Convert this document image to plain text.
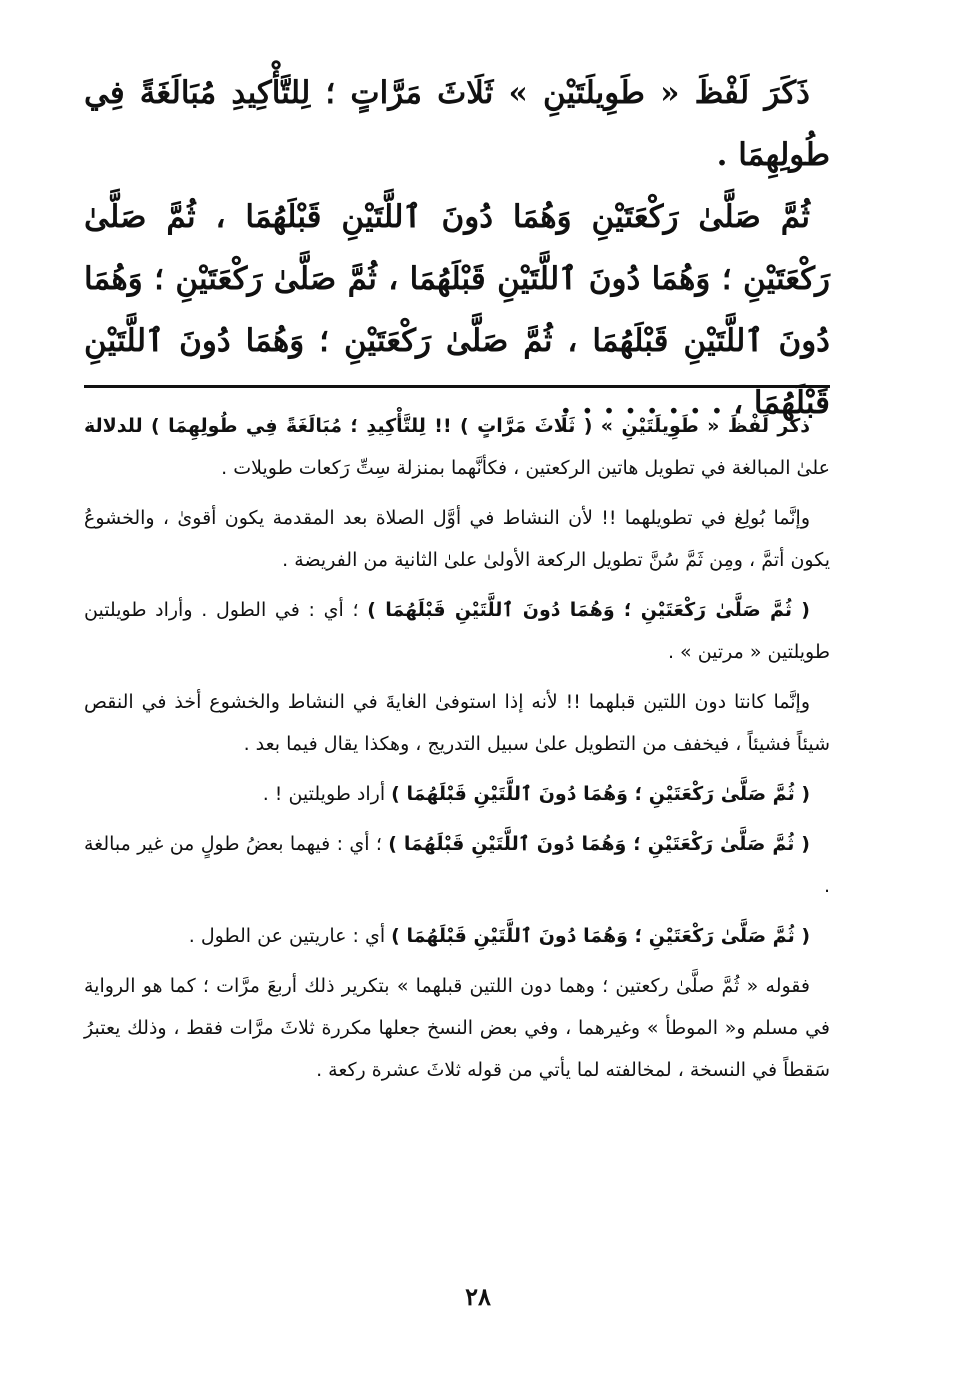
ذَكَرَ لَفْظَ « طَوِيلَتَيْنِ » ثَلَاثَ مَرَّاتٍ ؛ لِلتَّأْكِيدِ مُبَالَغَةً فِي طُولِهِمَا .

ثُمَّ صَلَّىٰ رَكْعَتَيْنِ وَهُمَا دُونَ ٱللَّتَيْنِ قَبْلَهُمَا ، ثُمَّ صَلَّىٰ رَكْعَتَيْنِ ؛ وَهُمَا دُونَ ٱللَّتَيْنِ قَبْلَهُمَا ، ثُمَّ صَلَّىٰ رَكْعَتَيْنِ ؛ وَهُمَا دُونَ ٱللَّتَيْنِ قَبْلَهُمَا ، ثُمَّ صَلَّىٰ رَكْعَتَيْنِ ؛ وَهُمَا دُونَ ٱللَّتَيْنِ قَبْلَهُمَا ، . . . . . . . .

ذكر لَفْظَ « طَوِيلَتَيْنِ » ( ثَلَاثَ مَرَّاتٍ ) !! لِلتَّأْكِيدِ ؛ مُبَالَغَةً فِي طُولِهِمَا ) للدلالة علىٰ المبالغة في تطويل هاتين الركعتين ، فكأنَّهما بمنزلة سِتِّ رَكعات طويلات .

وإنَّما بُولِغ في تطويلهما !! لأن النشاط في أوَّل الصلاة بعد المقدمة يكون أقوىٰ ، والخشوعُ يكون أتمَّ ، ومِن ثَمَّ سُنَّ تطويل الركعة الأولىٰ علىٰ الثانية من الفريضة .

( ثُمَّ صَلَّىٰ رَكْعَتَيْنِ ؛ وَهُمَا دُونَ ٱللَّتَيْنِ قَبْلَهُمَا ) ؛ أي : في الطول . وأراد طويلتين طويلتين « مرتين » .

وإنَّما كانتا دون اللتين قبلهما !! لأنه إذا استوفىٰ الغايةَ في النشاط والخشوع أخذ في النقص شيئاً فشيئاً ، فيخفف من التطويل علىٰ سبيل التدريج ، وهكذا يقال فيما بعد .

( ثُمَّ صَلَّىٰ رَكْعَتَيْنِ ؛ وَهُمَا دُونَ ٱللَّتَيْنِ قَبْلَهُمَا ) أراد طويلتين ! .

( ثُمَّ صَلَّىٰ رَكْعَتَيْنِ ؛ وَهُمَا دُونَ ٱللَّتَيْنِ قَبْلَهُمَا ) ؛ أي : فيهما بعضُ طولٍ من غير مبالغة .

( ثُمَّ صَلَّىٰ رَكْعَتَيْنِ ؛ وَهُمَا دُونَ ٱللَّتَيْنِ قَبْلَهُمَا ) أي : عاريتين عن الطول .

فقوله « ثُمَّ صلَّىٰ ركعتين ؛ وهما دون اللتين قبلهما » بتكرير ذلك أربعَ مرَّات ؛ كما هو الرواية في مسلم و« الموطأ » وغيرهما ، وفي بعض النسخ جعلها مكررة ثلاثَ مرَّات فقط ، وذلك يعتبرُ سَقطاً في النسخة ، لمخالفته لما يأتي من قوله ثلاثَ عشرة ركعة .

٢٨
